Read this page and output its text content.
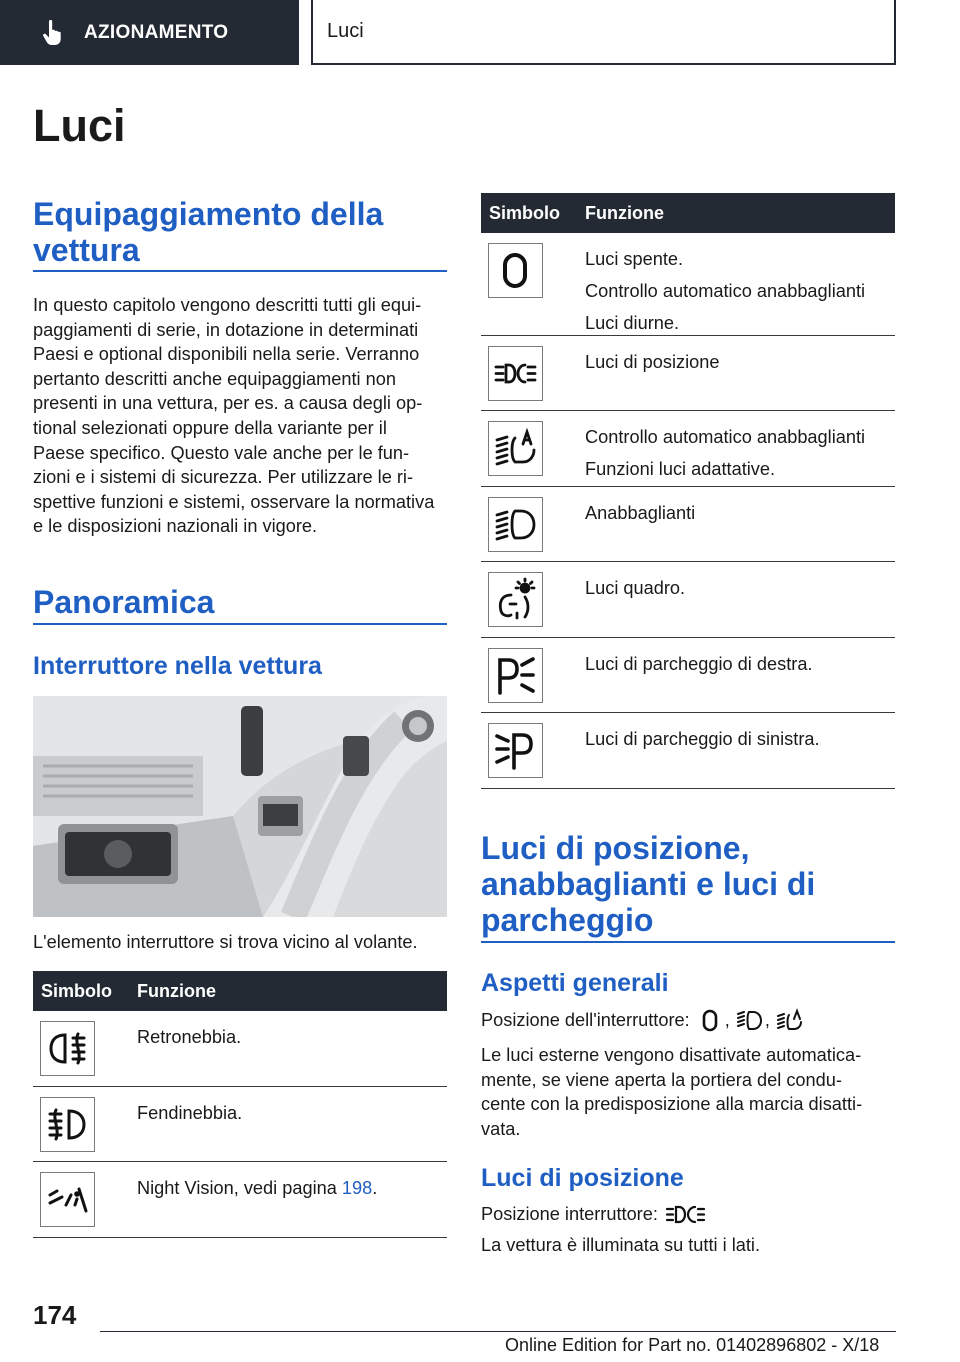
AZIONAMENTO	Luci
Luci
Equipaggiamento della vettura
In questo capitolo vengono descritti tutti gli equi-
paggiamenti di serie, in dotazione in determinati
Paesi e optional disponibili nella serie. Verranno
pertanto descritti anche equipaggiamenti non
presenti in una vettura, per es. a causa degli op-
tional selezionati oppure della variante per il
Paese specifico. Questo vale anche per le fun-
zioni e i sistemi di sicurezza. Per utilizzare le ri-
spettive funzioni e sistemi, osservare la normativa
e le disposizioni nazionali in vigore.
Panoramica
Interruttore nella vettura
L'elemento interruttore si trova vicino al volante.
Simbolo Funzione
Retronebbia.
Fendinebbia.
Night Vision, vedi pagina 198.
Simbolo Funzione
Luci spente.
Controllo automatico anabbaglianti
Luci diurne.
Luci di posizione
Controllo automatico anabbaglianti
Funzioni luci adattative.
Anabbaglianti
Luci quadro.
Luci di parcheggio di destra.
Luci di parcheggio di sinistra.
Luci di posizione, anabbaglianti e luci di parcheggio
Aspetti generali
Posizione dell'interruttore: , ,
Le luci esterne vengono disattivate automatica-
mente, se viene aperta la portiera del condu-
cente con la predisposizione alla marcia disatti-
vata.
Luci di posizione
Posizione interruttore:
La vettura è illuminata su tutti i lati.
174
Online Edition for Part no. 01402896802 - X/18
